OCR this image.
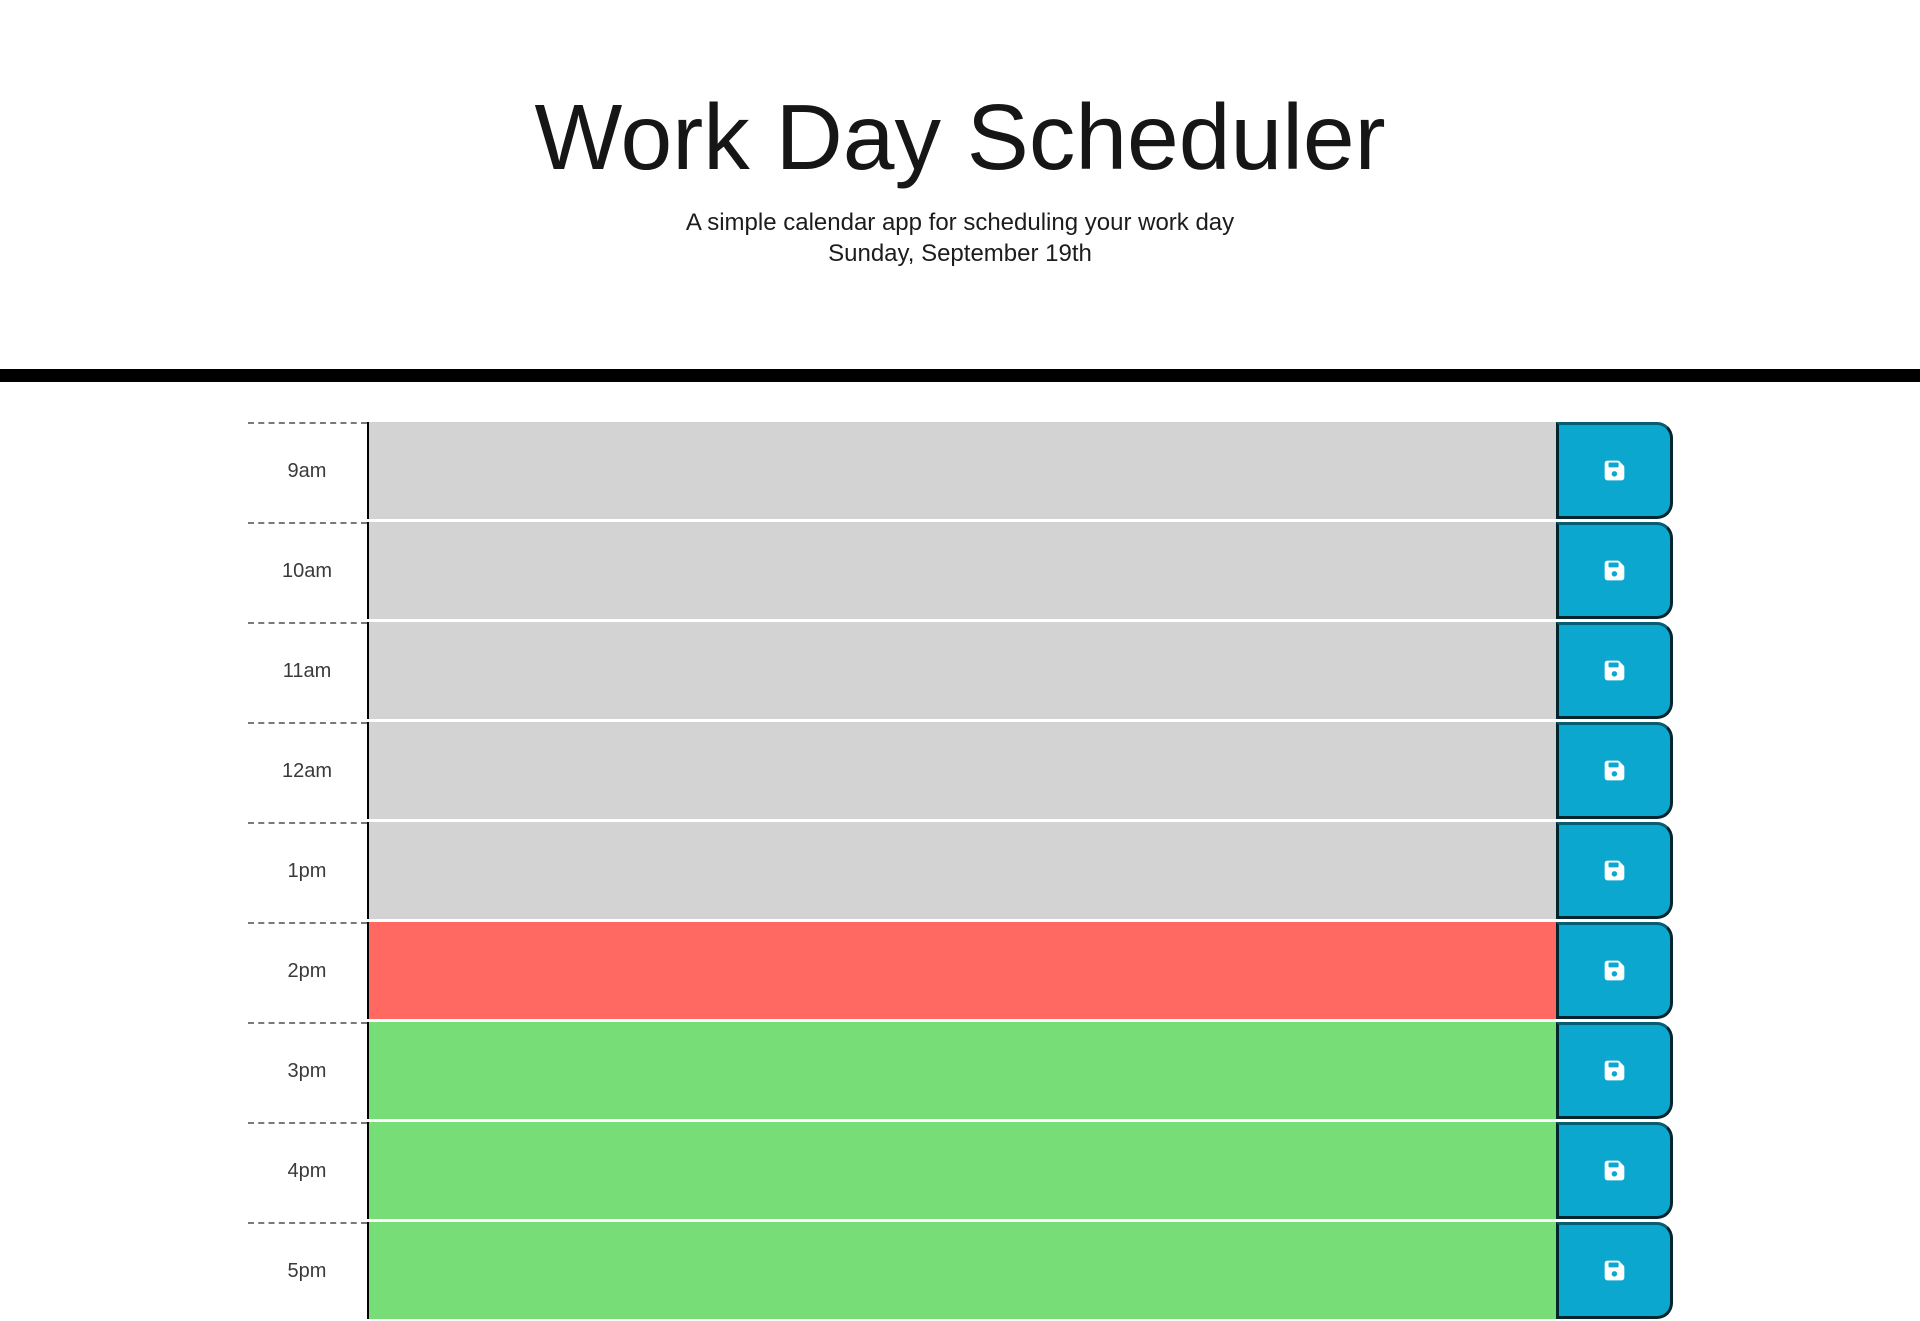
Work Day Scheduler

A simple calendar app for scheduling your work day

Sunday, September 19th

9am
10am
11am
12am
1pm
2pm
3pm
4pm
5pm
